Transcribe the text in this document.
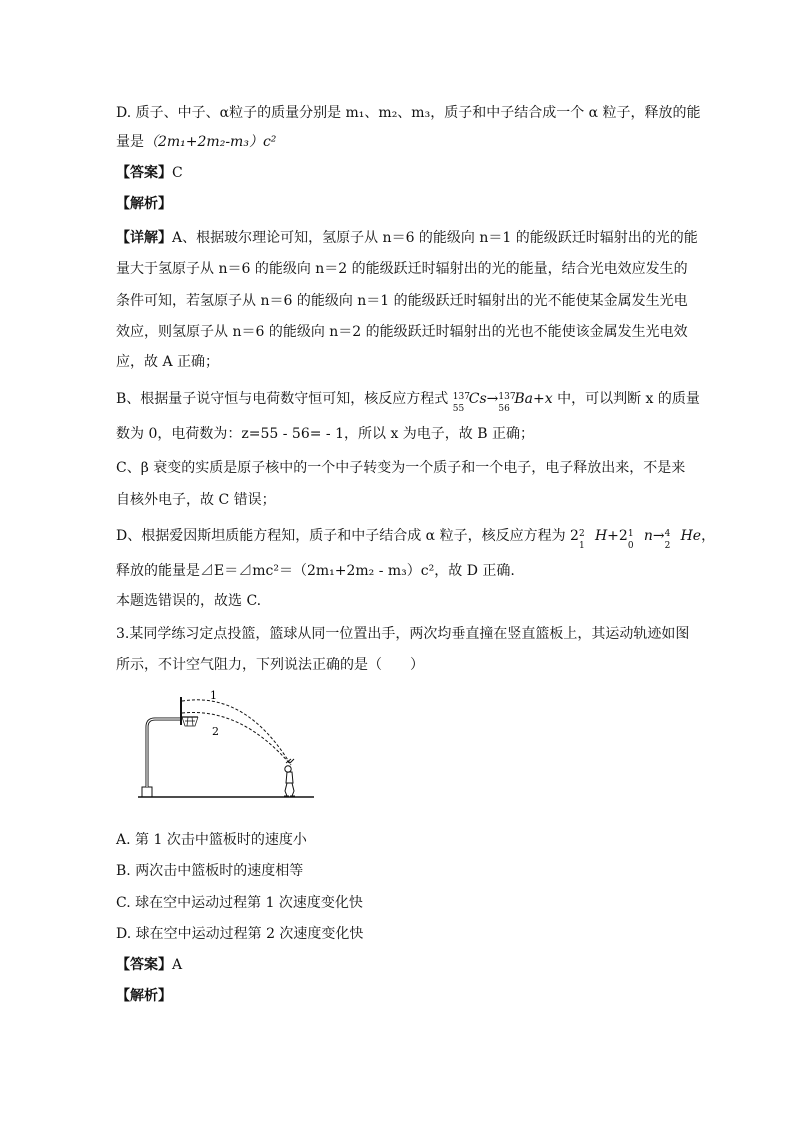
D. 质子、中子、α粒子的质量分别是 m₁、m₂、m₃，质子和中子结合成一个 α 粒子，释放的能
量是（2m₁+2m₂-m₃）c²
【答案】C
【解析】
【详解】A、根据玻尔理论可知，氢原子从 n＝6 的能级向 n＝1 的能级跃迁时辐射出的光的能
量大于氢原子从 n＝6 的能级向 n＝2 的能级跃迁时辐射出的光的能量，结合光电效应发生的
条件可知，若氢原子从 n＝6 的能级向 n＝1 的能级跃迁时辐射出的光不能使某金属发生光电
效应，则氢原子从 n＝6 的能级向 n＝2 的能级跃迁时辐射出的光也不能使该金属发生光电效
应，故 A 正确；
B、根据量子说守恒与电荷数守恒可知，核反应方程式 137
55
Cs→ 137
56
Ba+x 中，可以判断 x 的质量
数为 0，电荷数为：z=55 - 56= - 1，所以 x 为电子，故 B 正确；
C、β 衰变的实质是原子核中的一个中子转变为一个质子和一个电子，电子释放出来，不是来
自核外电子，故 C 错误；
D、根据爱因斯坦质能方程知，质子和中子结合成 α 粒子，核反应方程为 2 2
1
H+2 1
0
n→ 4
2
He，
释放的能量是⊿E＝⊿mc²＝（2m₁+2m₂ - m₃）c²，故 D 正确.
本题选错误的，故选 C.
3.某同学练习定点投篮，篮球从同一位置出手，两次均垂直撞在竖直篮板上，其运动轨迹如图
所示，不计空气阻力，下列说法正确的是（　　）
1
2
A. 第 1 次击中篮板时的速度小
B. 两次击中篮板时的速度相等
C. 球在空中运动过程第 1 次速度变化快
D. 球在空中运动过程第 2 次速度变化快
【答案】A
【解析】
